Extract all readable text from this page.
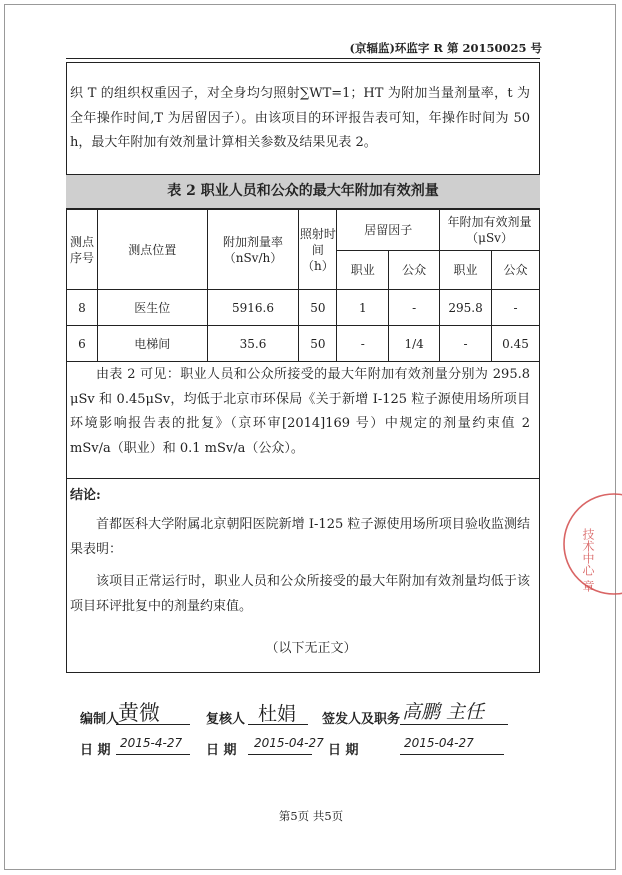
(京辐监)环监字 R 第 20150025 号
织 T 的组织权重因子，对全身均匀照射∑WT=1；HT 为附加当量剂量率，t 为全年操作时间,T 为居留因子）。由该项目的环评报告表可知，年操作时间为 50 h，最大年附加有效剂量计算相关参数及结果见表 2。
表 2 职业人员和公众的最大年附加有效剂量
测点序号	测点位置	附加剂量率（nSv/h）	照射时间（h）	居留因子		年附加有效剂量（μSv）	
				职业	公众	职业	公众
8	医生位	5916.6	50	1	-	295.8	-
6	电梯间	35.6	50	-	1/4	-	0.45
由表 2 可见：职业人员和公众所接受的最大年附加有效剂量分别为 295.8 μSv 和 0.45μSv，均低于北京市环保局《关于新增 I-125 粒子源使用场所项目环境影响报告表的批复》（京环审[2014]169 号）中规定的剂量约束值 2 mSv/a（职业）和 0.1 mSv/a（公众）。
结论:
首都医科大学附属北京朝阳医院新增 I-125 粒子源使用场所项目验收监测结果表明：
该项目正常运行时，职业人员和公众所接受的最大年附加有效剂量均低于该项目环评批复中的剂量约束值。
（以下无正文）
编制人
黄微	复核人 杜娟 签发人及职务 高鹏 主任
日 期 2015-4-27 日 期 2015-04-27 日 期	2015-04-27
第5页 共5页
技术中心 章
